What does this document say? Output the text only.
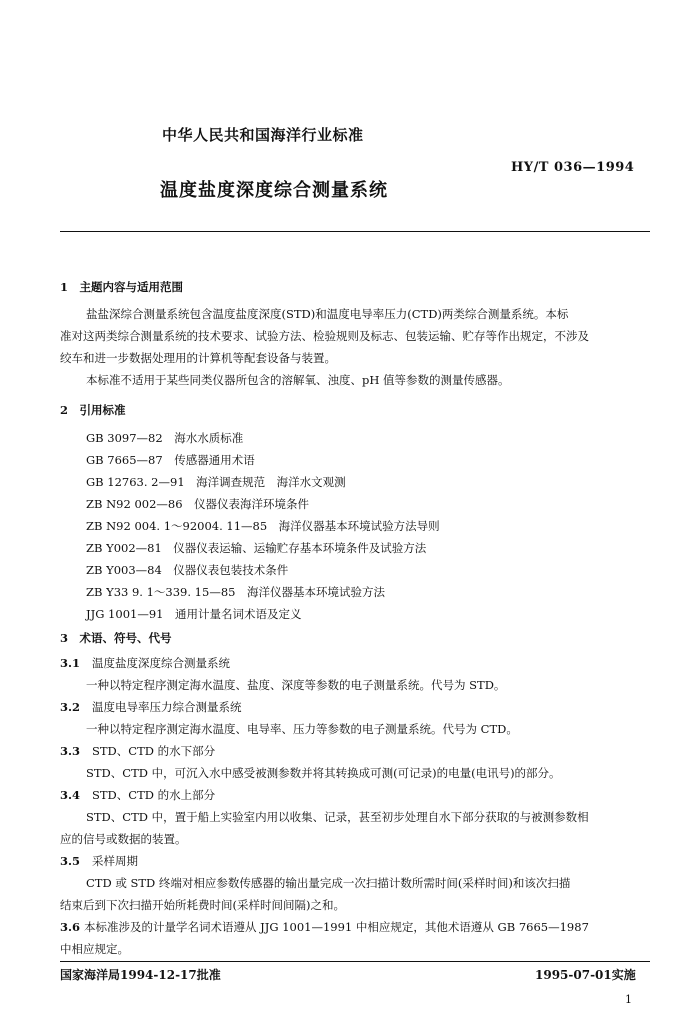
中华人民共和国海洋行业标准
HY/T 036—1994
温度盐度深度综合测量系统
1　主题内容与适用范围
盐盐深综合测量系统包含温度盐度深度(STD)和温度电导率压力(CTD)两类综合测量系统。本标
准对这两类综合测量系统的技术要求、试验方法、检验规则及标志、包装运输、贮存等作出规定，不涉及
绞车和进一步数据处理用的计算机等配套设备与装置。
本标准不适用于某些同类仪器所包含的溶解氧、浊度、pH 值等参数的测量传感器。
2　引用标准
GB 3097—82　海水水质标准
GB 7665—87　传感器通用术语
GB 12763. 2—91　海洋调查规范　海洋水文观测
ZB N92 002—86　仪器仪表海洋环境条件
ZB N92 004. 1～92004. 11—85　海洋仪器基本环境试验方法导则
ZB Y002—81　仪器仪表运输、运输贮存基本环境条件及试验方法
ZB Y003—84　仪器仪表包装技术条件
ZB Y33 9. 1～339. 15—85　海洋仪器基本环境试验方法
JJG 1001—91　通用计量名词术语及定义
3　术语、符号、代号
3.1 温度盐度深度综合测量系统
一种以特定程序测定海水温度、盐度、深度等参数的电子测量系统。代号为 STD。
3.2 温度电导率压力综合测量系统
一种以特定程序测定海水温度、电导率、压力等参数的电子测量系统。代号为 CTD。
3.3 STD、CTD 的水下部分
STD、CTD 中，可沉入水中感受被测参数并将其转换成可测(可记录)的电量(电讯号)的部分。
3.4 STD、CTD 的水上部分
STD、CTD 中，置于船上实验室内用以收集、记录，甚至初步处理自水下部分获取的与被测参数相
应的信号或数据的装置。
3.5 采样周期
CTD 或 STD 终端对相应参数传感器的输出量完成一次扫描计数所需时间(采样时间)和该次扫描
结束后到下次扫描开始所耗费时间(采样时间间隔)之和。
3.6 本标准涉及的计量学名词术语遵从 JJG 1001—1991 中相应规定，其他术语遵从 GB 7665—1987
中相应规定。
国家海洋局1994-12-17批准	1995-07-01实施
1
